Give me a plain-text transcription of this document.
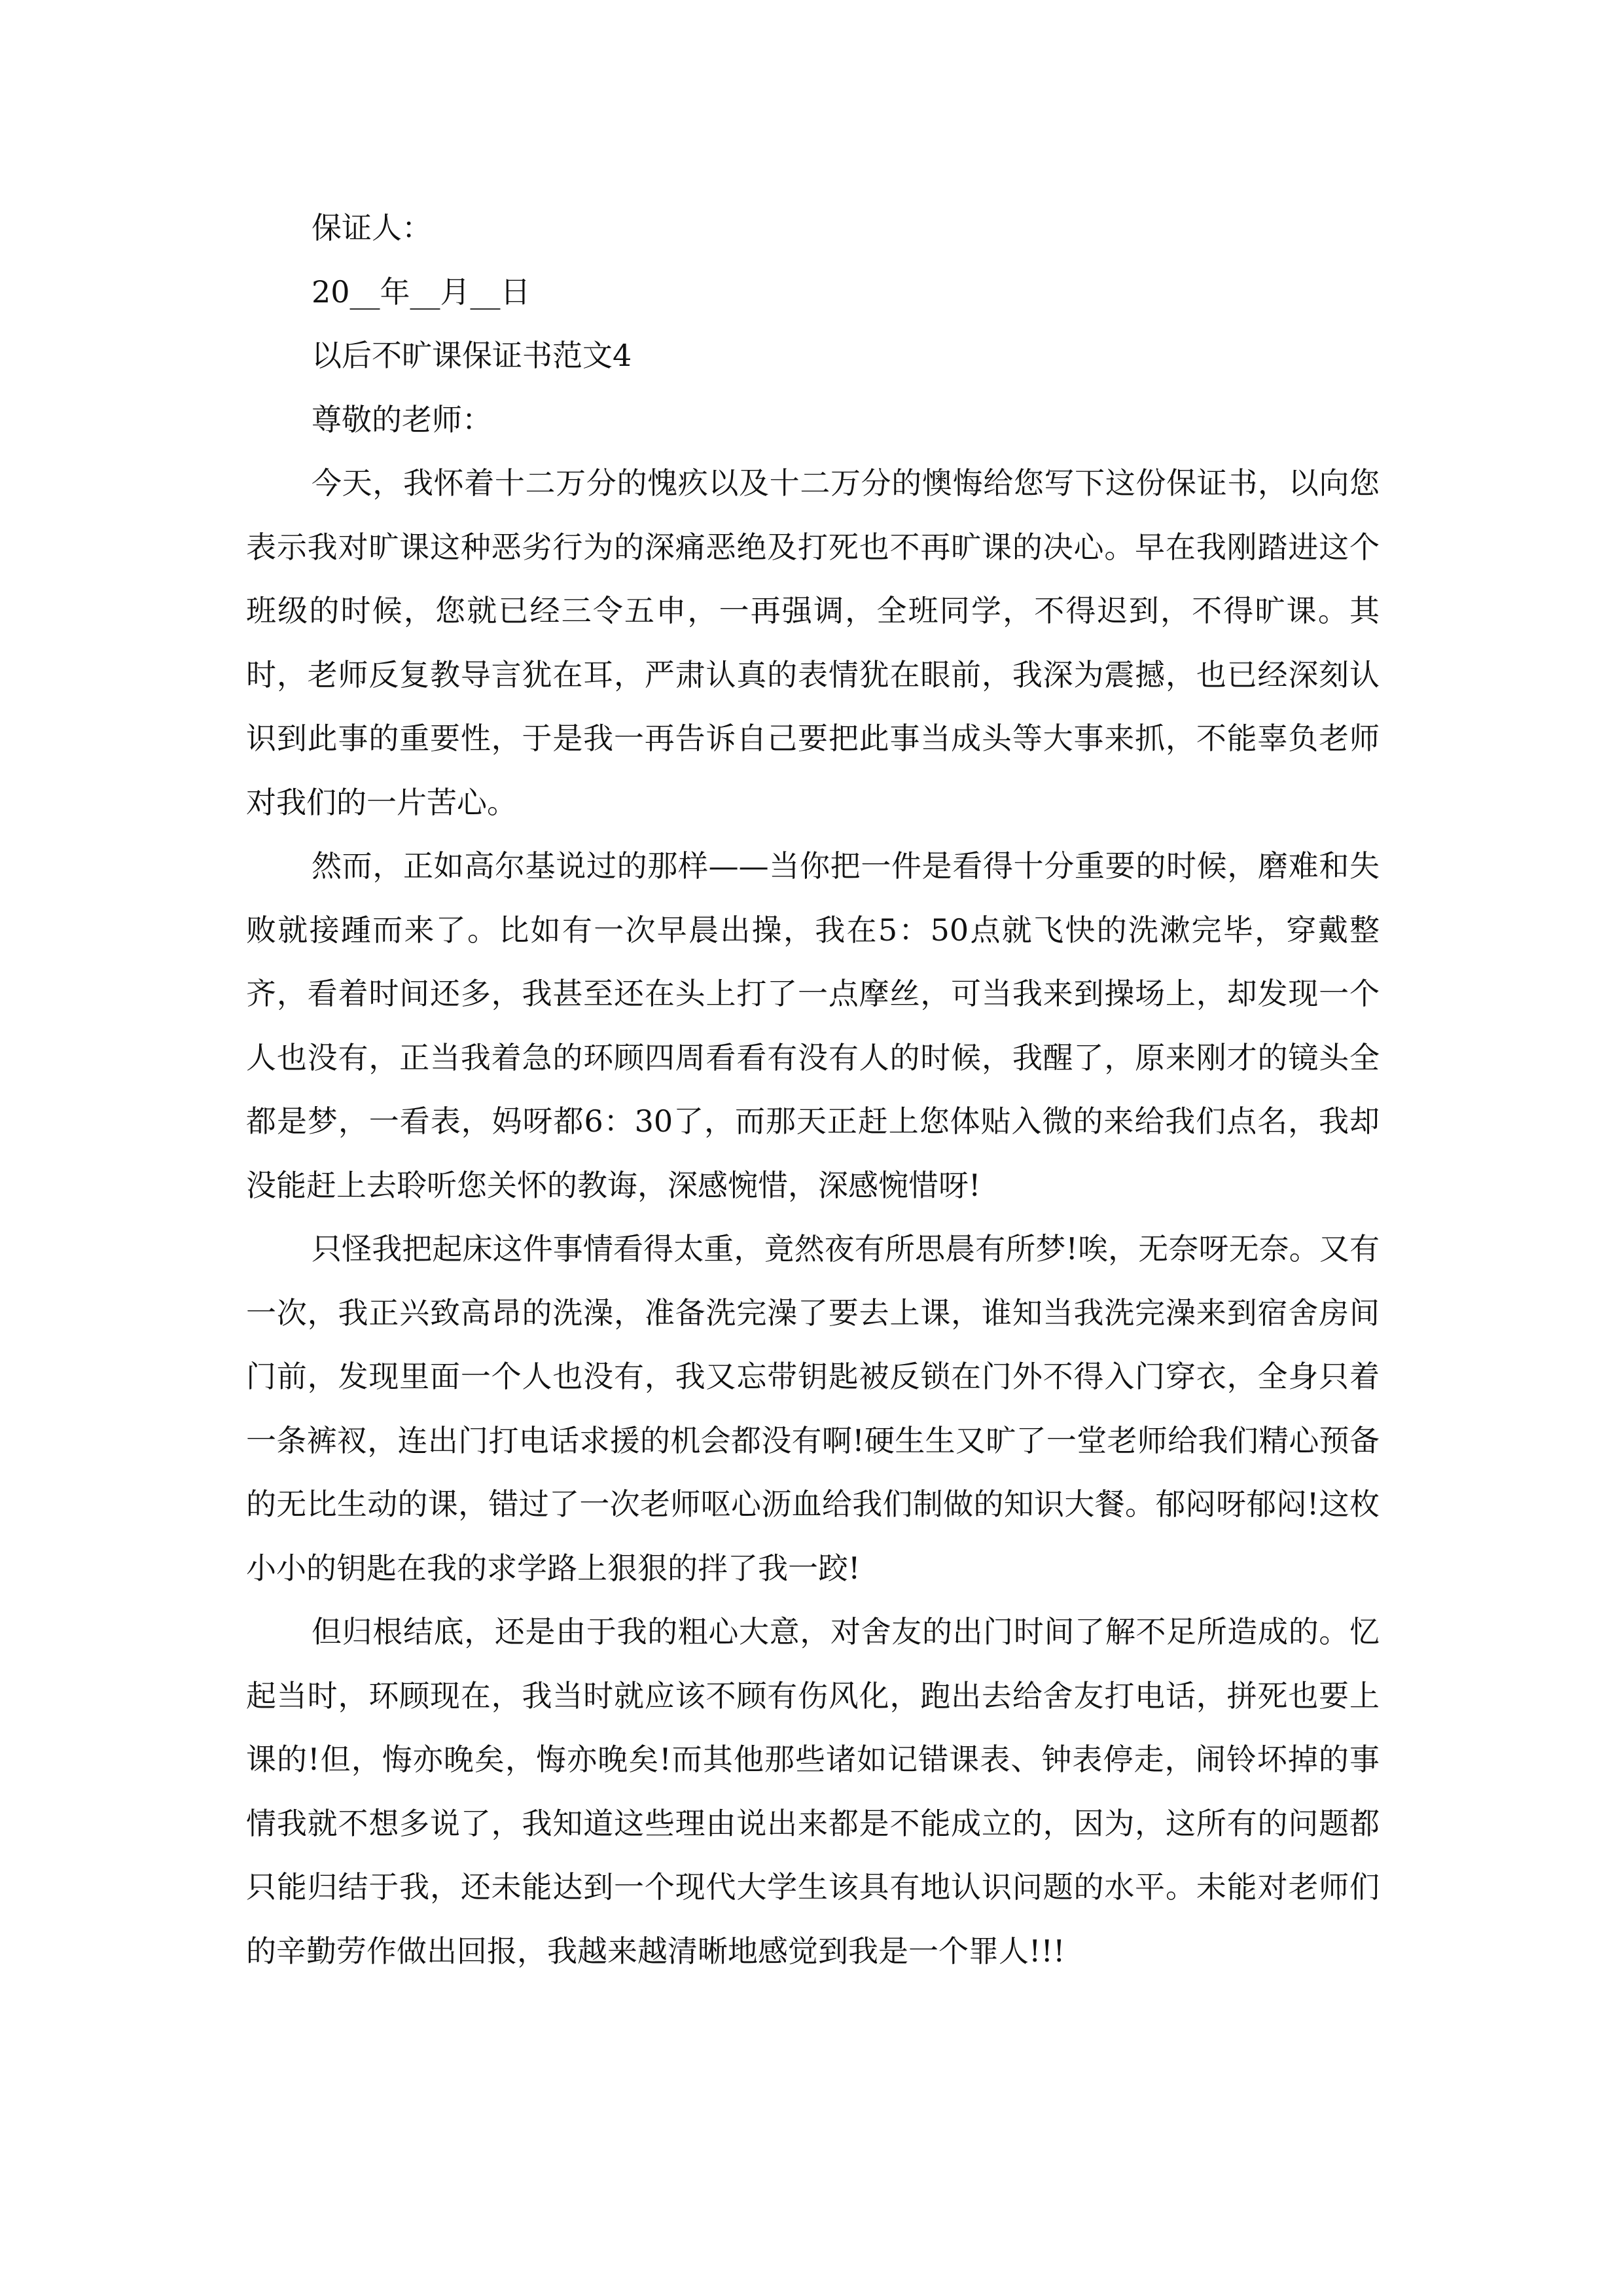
保证人：
20__年__月__日
以后不旷课保证书范文4
尊敬的老师：

今天，我怀着十二万分的愧疚以及十二万分的懊悔给您写下这份保证书，以向您表示我对旷课这种恶劣行为的深痛恶绝及打死也不再旷课的决心。早在我刚踏进这个班级的时候，您就已经三令五申，一再强调，全班同学，不得迟到，不得旷课。其时，老师反复教导言犹在耳，严肃认真的表情犹在眼前，我深为震撼，也已经深刻认识到此事的重要性，于是我一再告诉自己要把此事当成头等大事来抓，不能辜负老师对我们的一片苦心。

然而，正如高尔基说过的那样——当你把一件是看得十分重要的时候，磨难和失败就接踵而来了。比如有一次早晨出操，我在5：50点就飞快的洗漱完毕，穿戴整齐，看着时间还多，我甚至还在头上打了一点摩丝，可当我来到操场上，却发现一个人也没有，正当我着急的环顾四周看看有没有人的时候，我醒了，原来刚才的镜头全都是梦，一看表，妈呀都6：30了，而那天正赶上您体贴入微的来给我们点名，我却没能赶上去聆听您关怀的教诲，深感惋惜，深感惋惜呀!

只怪我把起床这件事情看得太重，竟然夜有所思晨有所梦!唉，无奈呀无奈。又有一次，我正兴致高昂的洗澡，准备洗完澡了要去上课，谁知当我洗完澡来到宿舍房间门前，发现里面一个人也没有，我又忘带钥匙被反锁在门外不得入门穿衣，全身只着一条裤衩，连出门打电话求援的机会都没有啊!硬生生又旷了一堂老师给我们精心预备的无比生动的课，错过了一次老师呕心沥血给我们制做的知识大餐。郁闷呀郁闷!这枚小小的钥匙在我的求学路上狠狠的拌了我一跤!

但归根结底，还是由于我的粗心大意，对舍友的出门时间了解不足所造成的。忆起当时，环顾现在，我当时就应该不顾有伤风化，跑出去给舍友打电话，拼死也要上课的!但，悔亦晚矣，悔亦晚矣!而其他那些诸如记错课表、钟表停走，闹铃坏掉的事情我就不想多说了，我知道这些理由说出来都是不能成立的，因为，这所有的问题都只能归结于我，还未能达到一个现代大学生该具有地认识问题的水平。未能对老师们的辛勤劳作做出回报，我越来越清晰地感觉到我是一个罪人!!!
